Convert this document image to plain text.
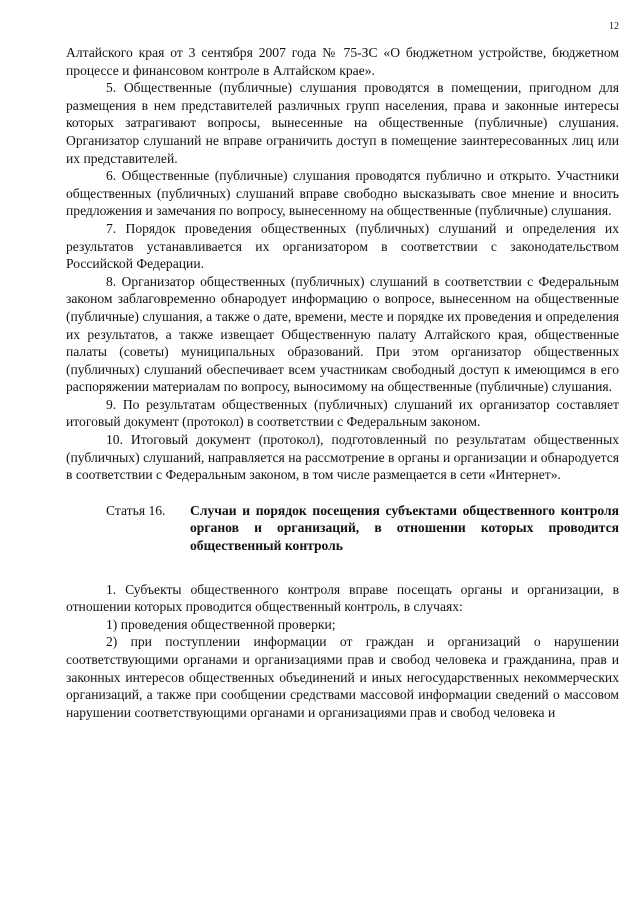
12

Алтайского края от 3 сентября 2007 года № 75-ЗС «О бюджетном устройстве, бюджетном процессе и финансовом контроле в Алтайском крае».

5. Общественные (публичные) слушания проводятся в помещении, пригодном для размещения в нем представителей различных групп населения, права и законные интересы которых затрагивают вопросы, вынесенные на общественные (публичные) слушания. Организатор слушаний не вправе ограничить доступ в помещение заинтересованных лиц или их представителей.

6. Общественные (публичные) слушания проводятся публично и открыто. Участники общественных (публичных) слушаний вправе свободно высказывать свое мнение и вносить предложения и замечания по вопросу, вынесенному на общественные (публичные) слушания.

7. Порядок проведения общественных (публичных) слушаний и определения их результатов устанавливается их организатором в соответствии с законодательством Российской Федерации.

8. Организатор общественных (публичных) слушаний в соответствии с Федеральным законом заблаговременно обнародует информацию о вопросе, вынесенном на общественные (публичные) слушания, а также о дате, времени, месте и порядке их проведения и определения их результатов, а также извещает Общественную палату Алтайского края, общественные палаты (советы) муниципальных образований. При этом организатор общественных (публичных) слушаний обеспечивает всем участникам свободный доступ к имеющимся в его распоряжении материалам по вопросу, выносимому на общественные (публичные) слушания.

9. По результатам общественных (публичных) слушаний их организатор составляет итоговый документ (протокол) в соответствии с Федеральным законом.

10. Итоговый документ (протокол), подготовленный по результатам общественных (публичных) слушаний, направляется на рассмотрение в органы и организации и обнародуется в соответствии с Федеральным законом, в том числе размещается в сети «Интернет».

Статья 16.	Случаи и порядок посещения субъектами общественного контроля органов и организаций, в отношении которых проводится общественный контроль

1. Субъекты общественного контроля вправе посещать органы и организации, в отношении которых проводится общественный контроль, в случаях:

1) проведения общественной проверки;

2) при поступлении информации от граждан и организаций о нарушении соответствующими органами и организациями прав и свобод человека и гражданина, прав и законных интересов общественных объединений и иных негосударственных некоммерческих организаций, а также при сообщении средствами массовой информации сведений о массовом нарушении соответствующими органами и организациями прав и свобод человека и
